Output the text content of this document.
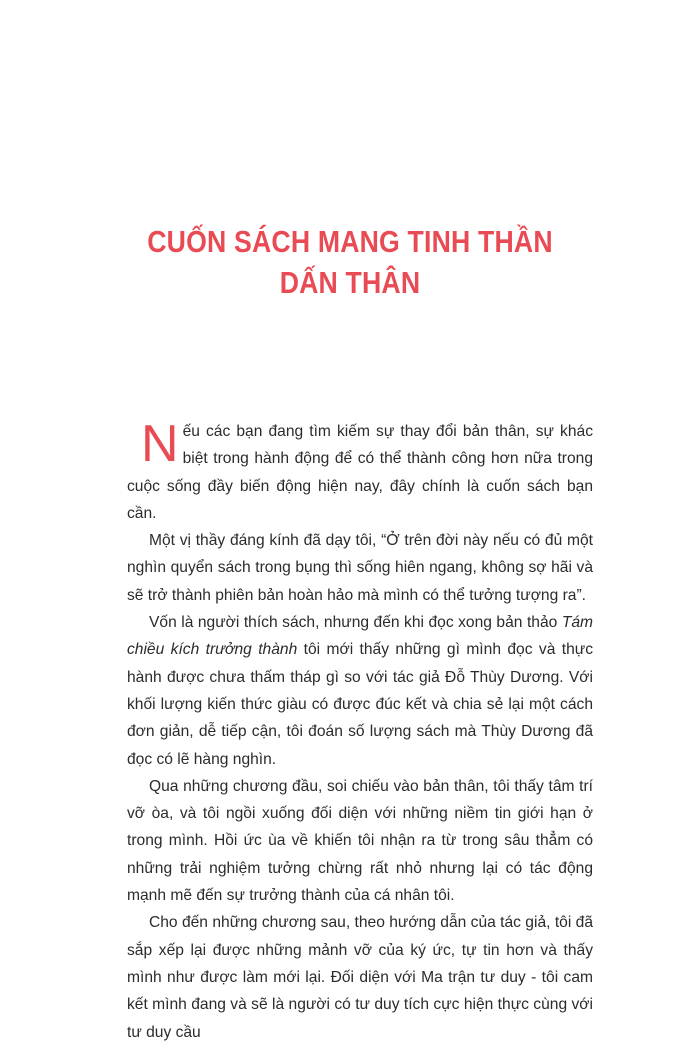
CUỐN SÁCH MANG TINH THẦN
DẤN THÂN

Nếu các bạn đang tìm kiếm sự thay đổi bản thân, sự khác biệt trong hành động để có thể thành công hơn nữa trong cuộc sống đầy biến động hiện nay, đây chính là cuốn sách bạn cần.

Một vị thầy đáng kính đã dạy tôi, “Ở trên đời này nếu có đủ một nghìn quyển sách trong bụng thì sống hiên ngang, không sợ hãi và sẽ trở thành phiên bản hoàn hảo mà mình có thể tưởng tượng ra”.

Vốn là người thích sách, nhưng đến khi đọc xong bản thảo Tám chiều kích trưởng thành tôi mới thấy những gì mình đọc và thực hành được chưa thấm tháp gì so với tác giả Đỗ Thùy Dương. Với khối lượng kiến thức giàu có được đúc kết và chia sẻ lại một cách đơn giản, dễ tiếp cận, tôi đoán số lượng sách mà Thùy Dương đã đọc có lẽ hàng nghìn.

Qua những chương đầu, soi chiếu vào bản thân, tôi thấy tâm trí vỡ òa, và tôi ngồi xuống đối diện với những niềm tin giới hạn ở trong mình. Hồi ức ùa về khiến tôi nhận ra từ trong sâu thẳm có những trải nghiệm tưởng chừng rất nhỏ nhưng lại có tác động mạnh mẽ đến sự trưởng thành của cá nhân tôi.

Cho đến những chương sau, theo hướng dẫn của tác giả, tôi đã sắp xếp lại được những mảnh vỡ của ký ức, tự tin hơn và thấy mình như được làm mới lại. Đối diện với Ma trận tư duy - tôi cam kết mình đang và sẽ là người có tư duy tích cực hiện thực cùng với tư duy cầu
